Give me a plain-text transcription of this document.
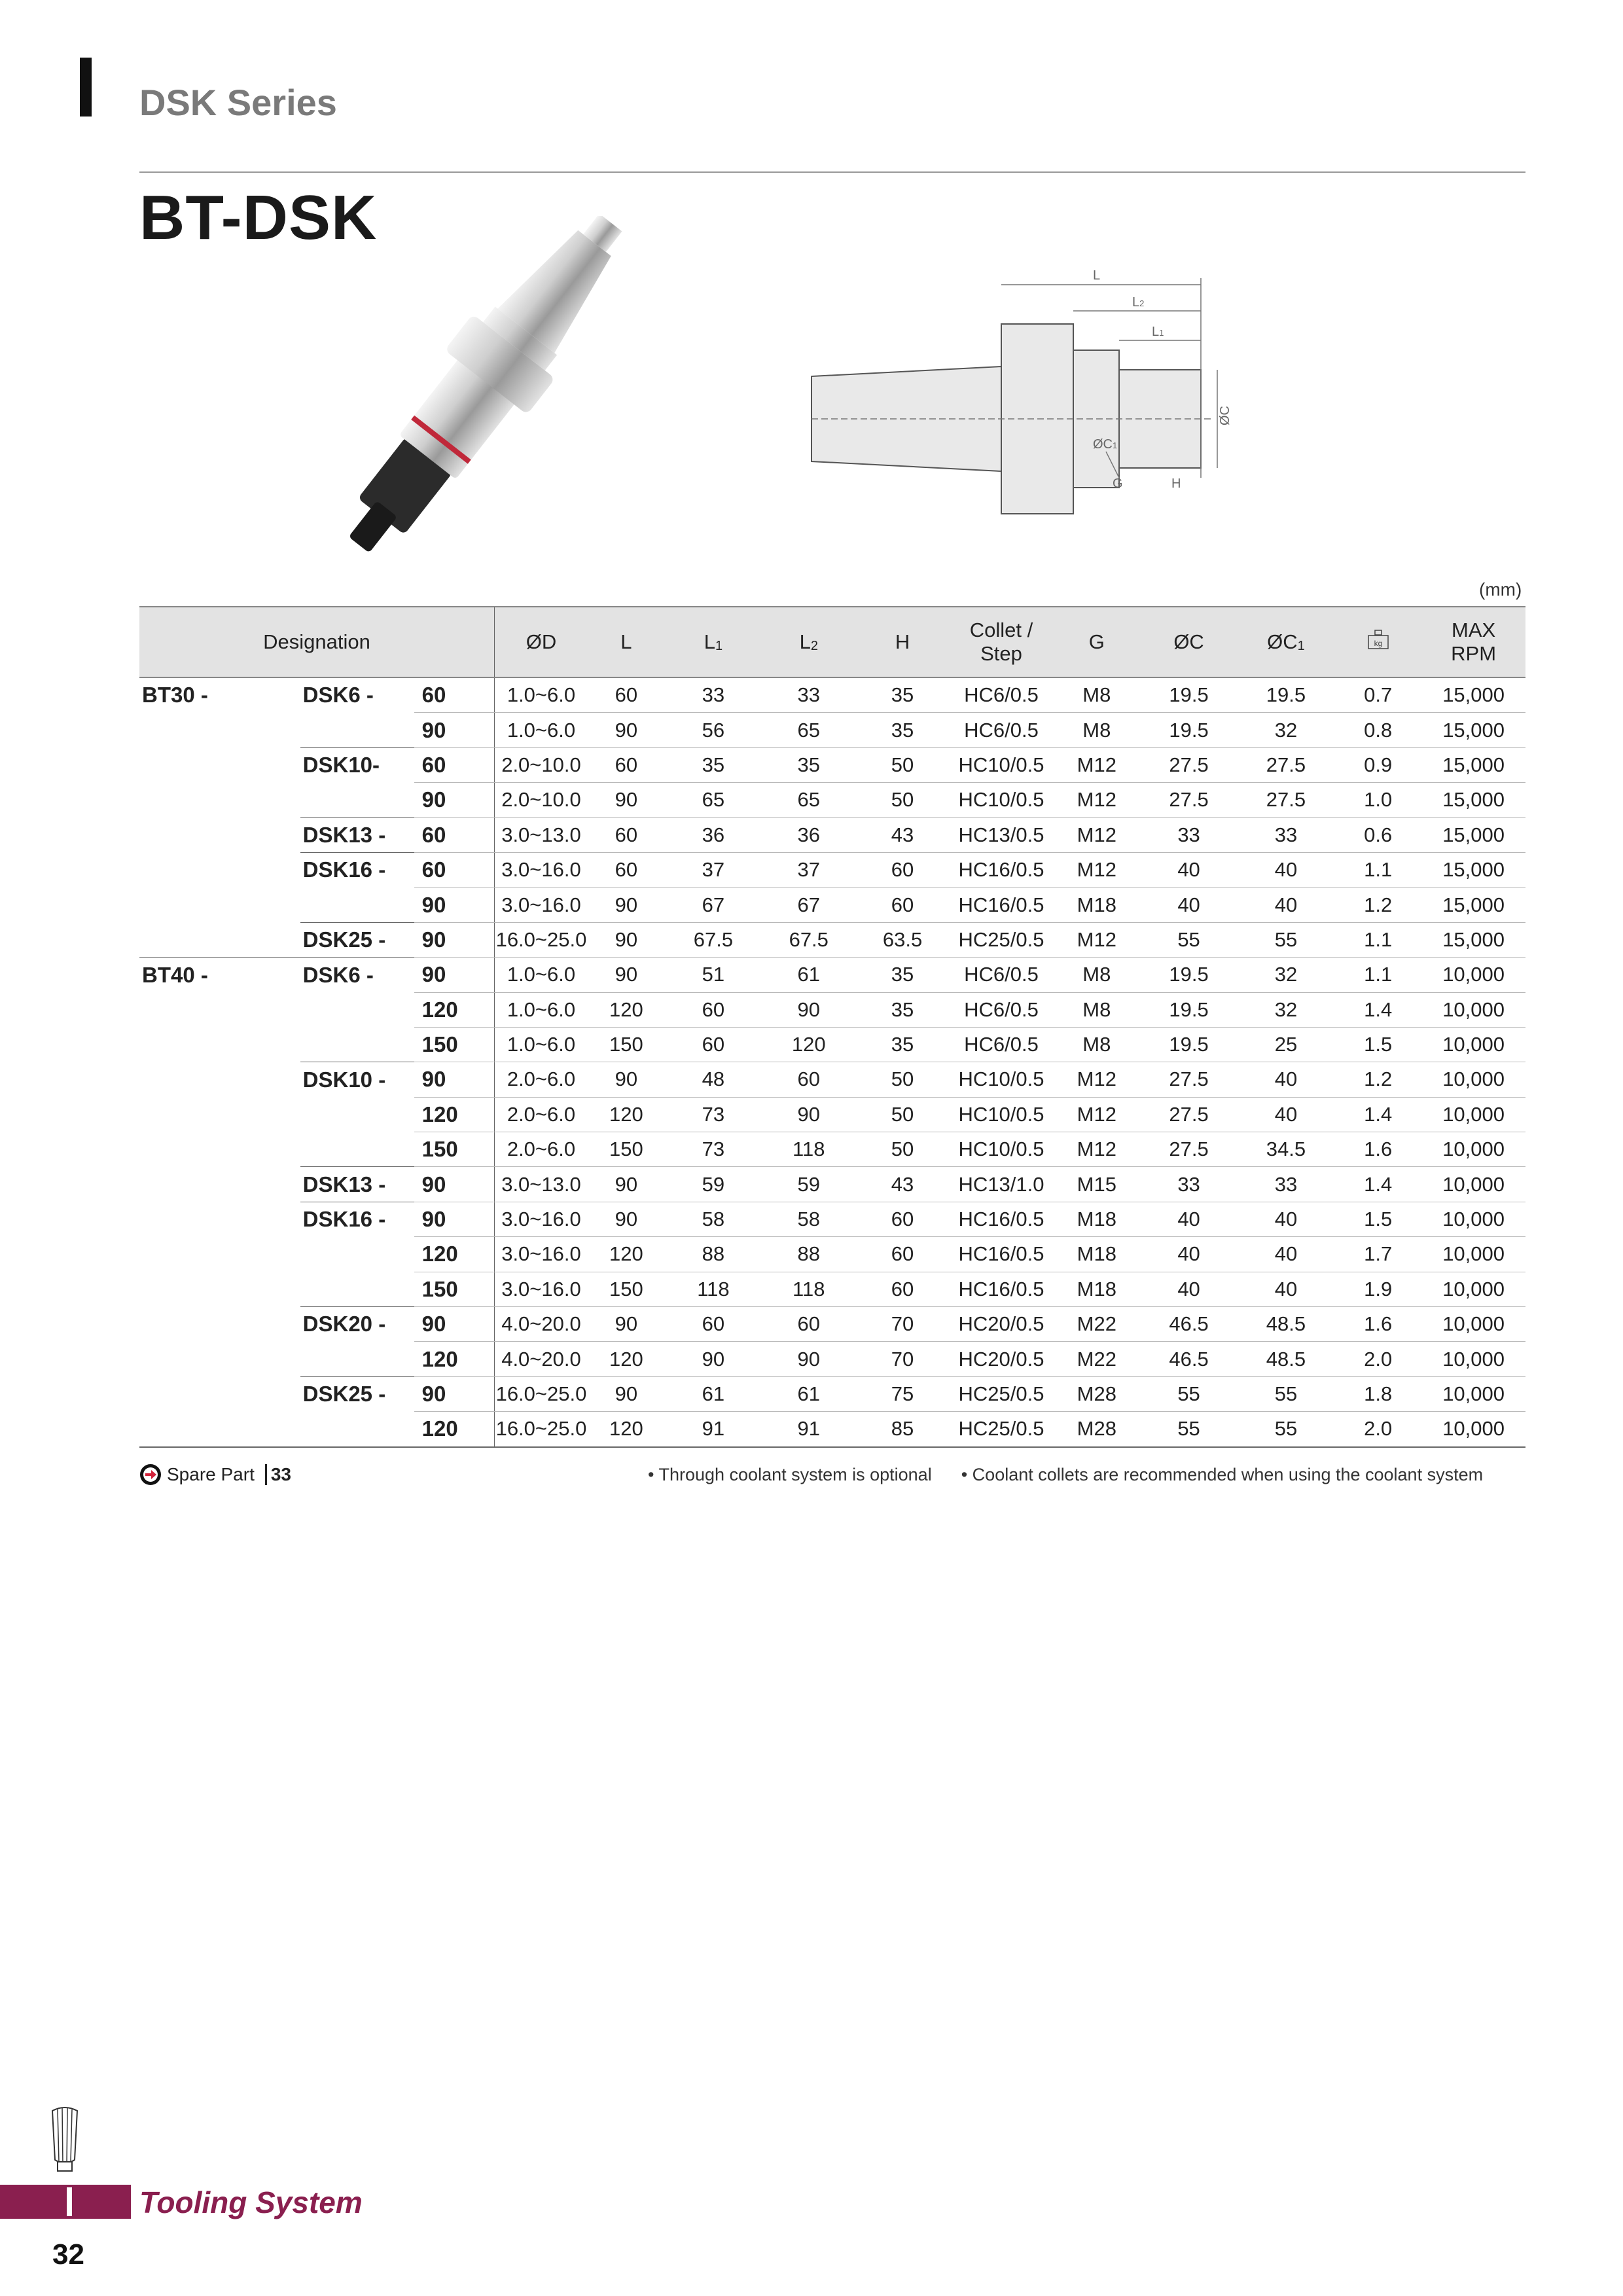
DSK Series
BT-DSK
L
L2
L1
ØC
ØC1
G	H
(mm)
Designation			ØD	L	L1	L2	H	Collet /
Step	G	ØC	ØC1	kg	MAX
RPM
BT30 -	DSK6 -	60	1.0~6.0	60	33	33	35	HC6/0.5	M8	19.5	19.5	0.7	15,000
		90	1.0~6.0	90	56	65	35	HC6/0.5	M8	19.5	32	0.8	15,000
	DSK10-	60	2.0~10.0	60	35	35	50	HC10/0.5	M12	27.5	27.5	0.9	15,000
		90	2.0~10.0	90	65	65	50	HC10/0.5	M12	27.5	27.5	1.0	15,000
	DSK13 -	60	3.0~13.0	60	36	36	43	HC13/0.5	M12	33	33	0.6	15,000
	DSK16 -	60	3.0~16.0	60	37	37	60	HC16/0.5	M12	40	40	1.1	15,000
		90	3.0~16.0	90	67	67	60	HC16/0.5	M18	40	40	1.2	15,000
	DSK25 -	90	16.0~25.0	90	67.5	67.5	63.5	HC25/0.5	M12	55	55	1.1	15,000
BT40 -	DSK6 -	90	1.0~6.0	90	51	61	35	HC6/0.5	M8	19.5	32	1.1	10,000
		120	1.0~6.0	120	60	90	35	HC6/0.5	M8	19.5	32	1.4	10,000
		150	1.0~6.0	150	60	120	35	HC6/0.5	M8	19.5	25	1.5	10,000
	DSK10 -	90	2.0~6.0	90	48	60	50	HC10/0.5	M12	27.5	40	1.2	10,000
		120	2.0~6.0	120	73	90	50	HC10/0.5	M12	27.5	40	1.4	10,000
		150	2.0~6.0	150	73	118	50	HC10/0.5	M12	27.5	34.5	1.6	10,000
	DSK13 -	90	3.0~13.0	90	59	59	43	HC13/1.0	M15	33	33	1.4	10,000
	DSK16 -	90	3.0~16.0	90	58	58	60	HC16/0.5	M18	40	40	1.5	10,000
		120	3.0~16.0	120	88	88	60	HC16/0.5	M18	40	40	1.7	10,000
		150	3.0~16.0	150	118	118	60	HC16/0.5	M18	40	40	1.9	10,000
	DSK20 -	90	4.0~20.0	90	60	60	70	HC20/0.5	M22	46.5	48.5	1.6	10,000
		120	4.0~20.0	120	90	90	70	HC20/0.5	M22	46.5	48.5	2.0	10,000
	DSK25 -	90	16.0~25.0	90	61	61	75	HC25/0.5	M28	55	55	1.8	10,000
		120	16.0~25.0	120	91	91	85	HC25/0.5	M28	55	55	2.0	10,000
Spare Part 33	• Through coolant system is optional • Coolant collets are recommended when using the coolant system
Tooling System
32
